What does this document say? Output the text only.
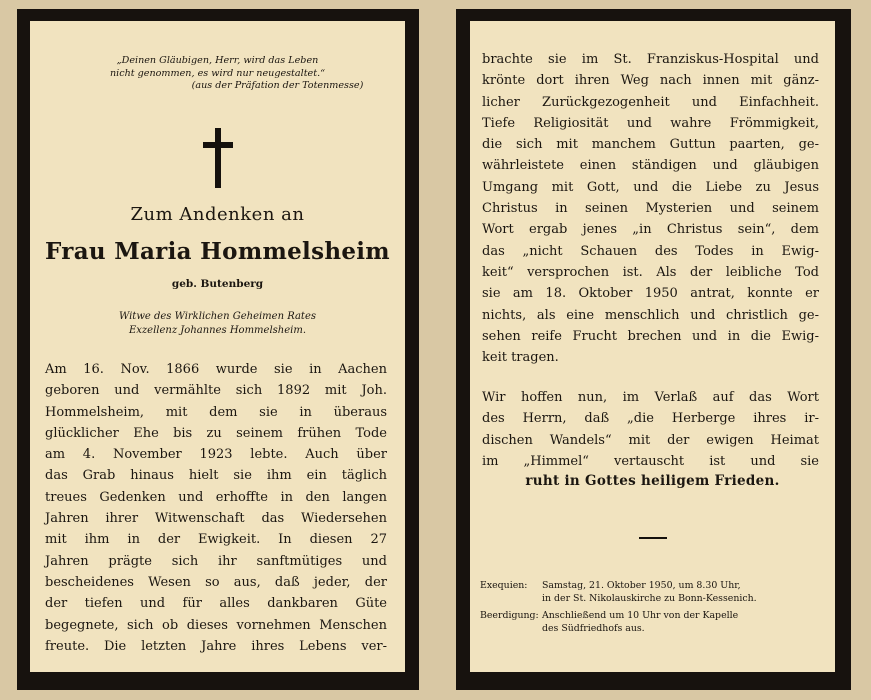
„Deinen Gläubigen, Herr, wird das Leben
nicht genommen, es wird nur neugestaltet.“
(aus der Präfation der Totenmesse)
Zum Andenken an
Frau Maria Hommelsheim
geb. Butenberg
Witwe des Wirklichen Geheimen Rates
Exzellenz Johannes Hommelsheim.
Am 16. Nov. 1866 wurde sie in Aachen
geboren und vermählte sich 1892 mit Joh.
Hommelsheim, mit dem sie in überaus
glücklicher Ehe bis zu seinem frühen Tode
am 4. November 1923 lebte. Auch über
das Grab hinaus hielt sie ihm ein täglich
treues Gedenken und erhoffte in den langen
Jahren ihrer Witwenschaft das Wiedersehen
mit ihm in der Ewigkeit. In diesen 27
Jahren prägte sich ihr sanftmütiges und
bescheidenes Wesen so aus, daß jeder, der
der tiefen und für alles dankbaren Güte
begegnete, sich ob dieses vornehmen Menschen
freute. Die letzten Jahre ihres Lebens ver-
brachte sie im St. Franziskus-Hospital und
krönte dort ihren Weg nach innen mit gänz-
licher Zurückgezogenheit und Einfachheit.
Tiefe Religiosität und wahre Frömmigkeit,
die sich mit manchem Guttun paarten, ge-
währleistete einen ständigen und gläubigen
Umgang mit Gott, und die Liebe zu Jesus
Christus in seinen Mysterien und seinem
Wort ergab jenes „in Christus sein“, dem
das „nicht Schauen des Todes in Ewig-
keit“ versprochen ist. Als der leibliche Tod
sie am 18. Oktober 1950 antrat, konnte er
nichts, als eine menschlich und christlich ge-
sehen reife Frucht brechen und in die Ewig-
keit tragen.
Wir hoffen nun, im Verlaß auf das Wort
des Herrn, daß „die Herberge ihres ir-
dischen Wandels“ mit der ewigen Heimat
im „Himmel“ vertauscht ist und sie
ruht in Gottes heiligem Frieden.
Exequien:	Samstag, 21. Oktober 1950, um 8.30 Uhr,
in der St. Nikolauskirche zu Bonn-Kessenich.
Beerdigung: Anschließend um 10 Uhr von der Kapelle
des Südfriedhofs aus.
